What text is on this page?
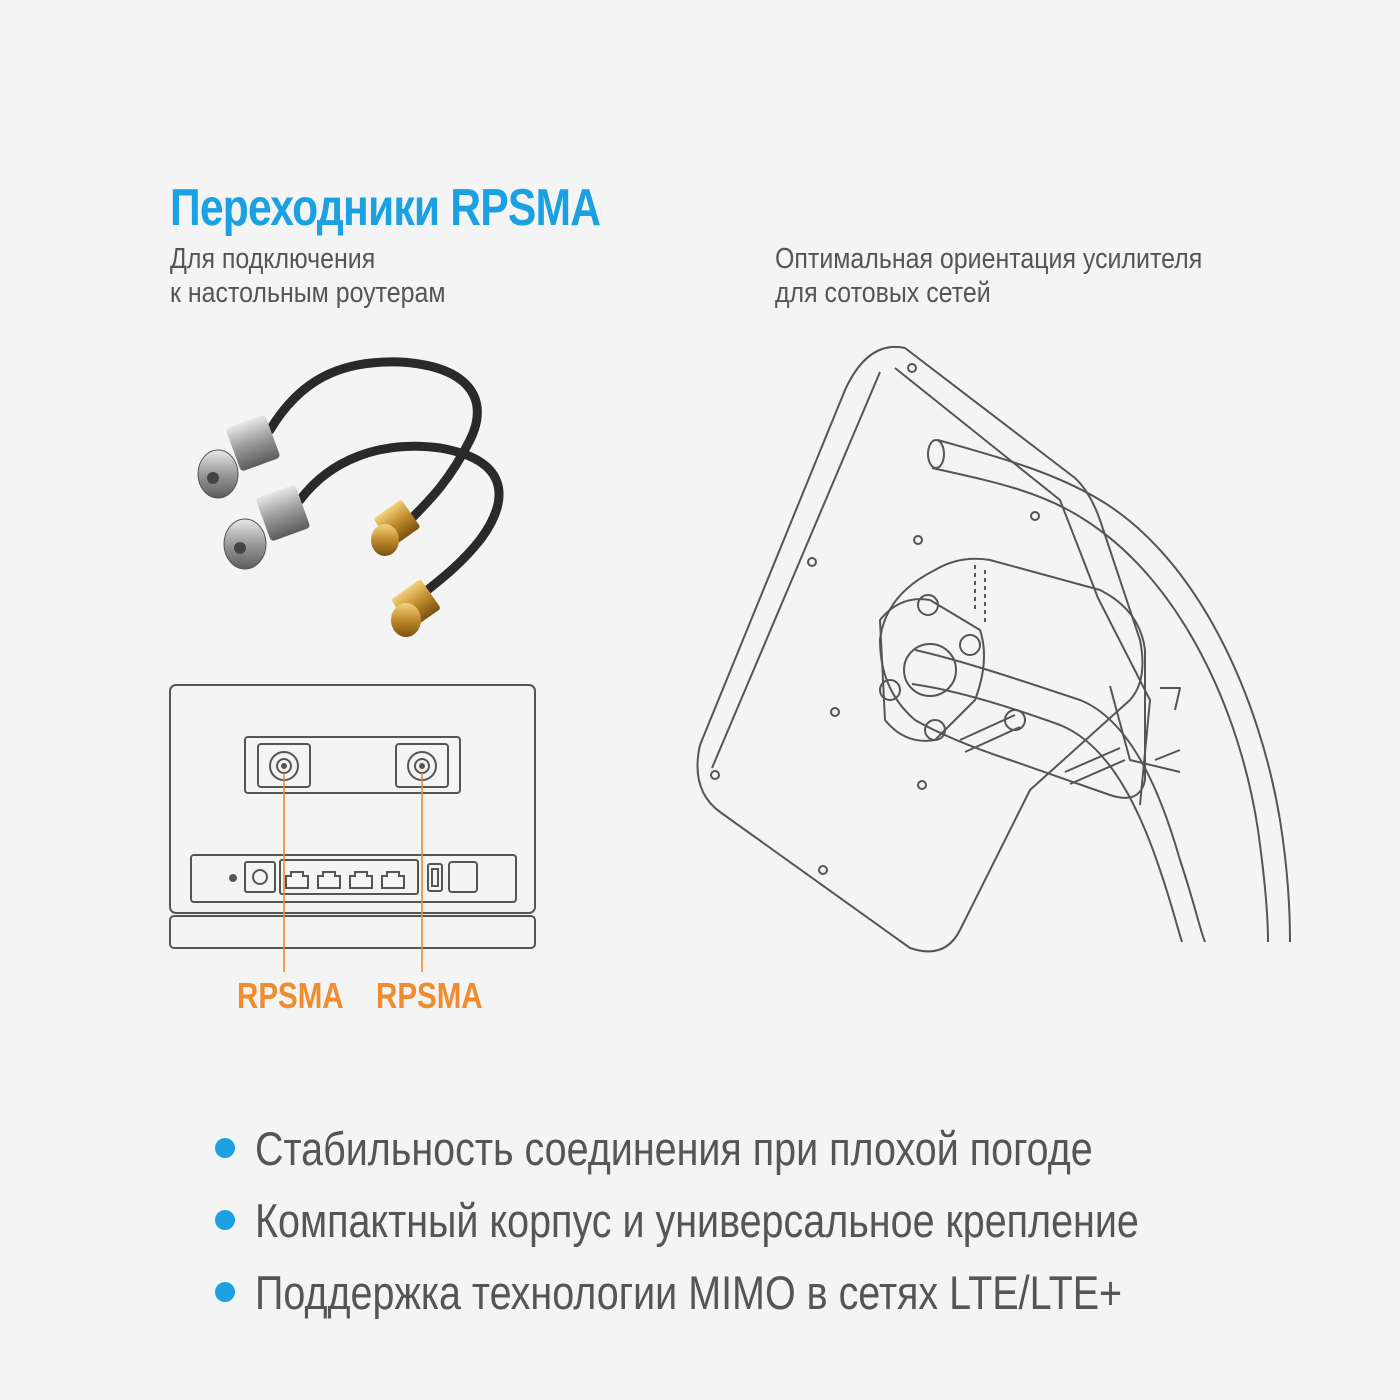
Переходники RPSMA
Для подключения
к настольным роутерам
Оптимальная ориентация усилителя
для сотовых сетей
RPSMA RPSMA
Стабильность соединения при плохой погоде
Компактный корпус и универсальное крепление
Поддержка технологии MIMO в сетях LTE/LTE+
